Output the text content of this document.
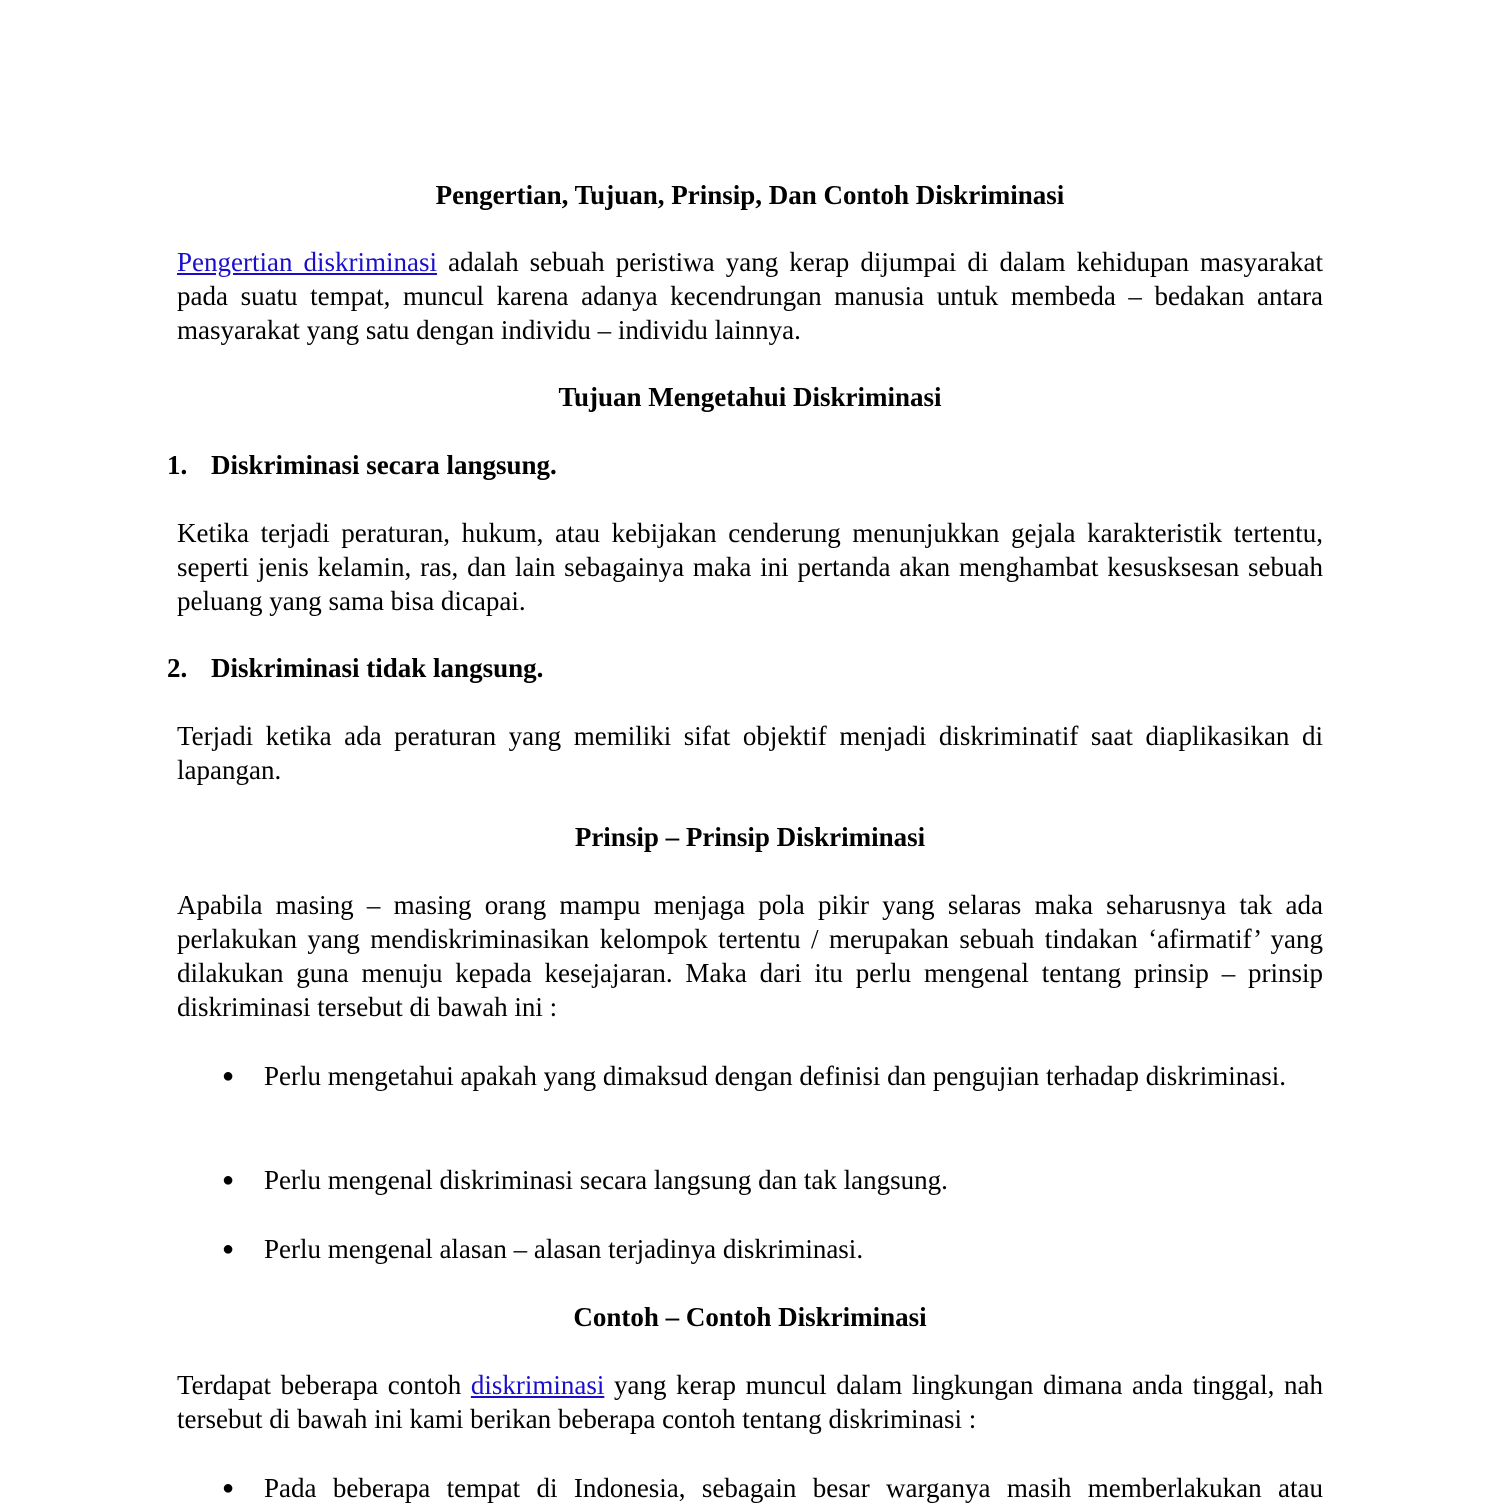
Pengertian, Tujuan, Prinsip, Dan Contoh Diskriminasi
Pengertian diskriminasi adalah sebuah peristiwa yang kerap dijumpai di dalam kehidupan masyarakat pada suatu tempat, muncul karena adanya kecendrungan manusia untuk membeda – bedakan antara masyarakat yang satu dengan individu – individu lainnya.
Tujuan Mengetahui Diskriminasi
1. Diskriminasi secara langsung.
Ketika terjadi peraturan, hukum, atau kebijakan cenderung menunjukkan gejala karakteristik tertentu, seperti jenis kelamin, ras, dan lain sebagainya maka ini pertanda akan menghambat kesusksesan sebuah peluang yang sama bisa dicapai.
2. Diskriminasi tidak langsung.
Terjadi ketika ada peraturan yang memiliki sifat objektif menjadi diskriminatif saat diaplikasikan di lapangan.
Prinsip – Prinsip Diskriminasi
Apabila masing – masing orang mampu menjaga pola pikir yang selaras maka seharusnya tak ada perlakukan yang mendiskriminasikan kelompok tertentu / merupakan sebuah tindakan ‘afirmatif’ yang dilakukan guna menuju kepada kesejajaran. Maka dari itu perlu mengenal tentang prinsip – prinsip diskriminasi tersebut di bawah ini :
● Perlu mengetahui apakah yang dimaksud dengan definisi dan pengujian terhadap diskriminasi.
● Perlu mengenal diskriminasi secara langsung dan tak langsung.
● Perlu mengenal alasan – alasan terjadinya diskriminasi.
Contoh – Contoh Diskriminasi
Terdapat beberapa contoh diskriminasi yang kerap muncul dalam lingkungan dimana anda tinggal, nah tersebut di bawah ini kami berikan beberapa contoh tentang diskriminasi :
● Pada beberapa tempat di Indonesia, sebagain besar warganya masih memberlakukan atau
